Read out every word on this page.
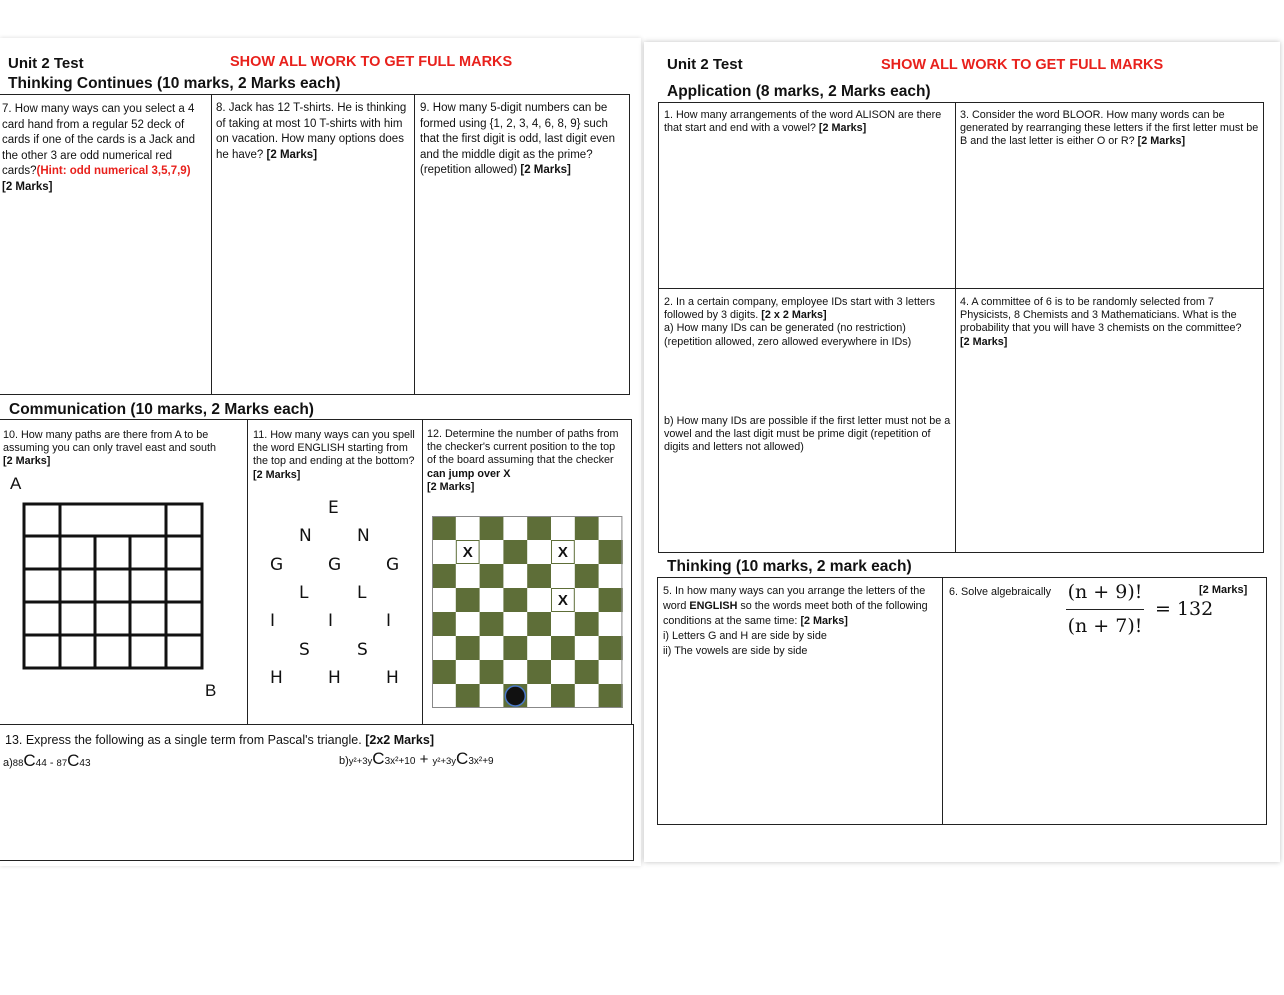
Unit 2 Test	SHOW ALL WORK TO GET FULL MARKS
Thinking Continues (10 marks, 2 Marks each)
7. How many ways can you select a 4 card hand from a regular 52 deck of cards if one of the cards is a Jack and the other 3 are odd numerical red cards?(Hint: odd numerical 3,5,7,9)
[2 Marks]
8. Jack has 12 T-shirts. He is thinking of taking at most 10 T-shirts with him on vacation. How many options does he have? [2 Marks]
9. How many 5-digit numbers can be formed using {1, 2, 3, 4, 6, 8, 9} such that the first digit is odd, last digit even and the middle digit as the prime? (repetition allowed) [2 Marks]
Communication (10 marks, 2 Marks each)
10. How many paths are there from A to be assuming you can only travel east and south
[2 Marks]
A
B
11. How many ways can you spell the word ENGLISH starting from the top and ending at the bottom?
[2 Marks]
E
N	N
G	G	G
L	L
I	I	I
S	S
H	H	H
12. Determine the number of paths from the checker's current position to the top of the board assuming that the checker can jump over X
[2 Marks]
X	X
X
13. Express the following as a single term from Pascal's triangle. [2x2 Marks]
a)88C44 - 87C43	b)y²+3yC3x²+10 + y²+3yC3x²+9
Unit 2 Test	SHOW ALL WORK TO GET FULL MARKS
Application (8 marks, 2 Marks each)
1. How many arrangements of the word ALISON are there that start and end with a vowel? [2 Marks]
3. Consider the word BLOOR. How many words can be generated by rearranging these letters if the first letter must be B and the last letter is either O or R? [2 Marks]
2. In a certain company, employee IDs start with 3 letters followed by 3 digits. [2 x 2 Marks]
a) How many IDs can be generated (no restriction) (repetition allowed, zero allowed everywhere in IDs)
b) How many IDs are possible if the first letter must not be a vowel and the last digit must be prime digit (repetition of digits and letters not allowed)
4. A committee of 6 is to be randomly selected from 7 Physicists, 8 Chemists and 3 Mathematicians. What is the probability that you will have 3 chemists on the committee?
[2 Marks]
Thinking (10 marks, 2 mark each)
5. In how many ways can you arrange the letters of the word ENGLISH so the words meet both of the following conditions at the same time: [2 Marks]
i) Letters G and H are side by side
ii) The vowels are side by side
6. Solve algebraically (n + 9)!
(n + 7)!
= 132
[2 Marks]
